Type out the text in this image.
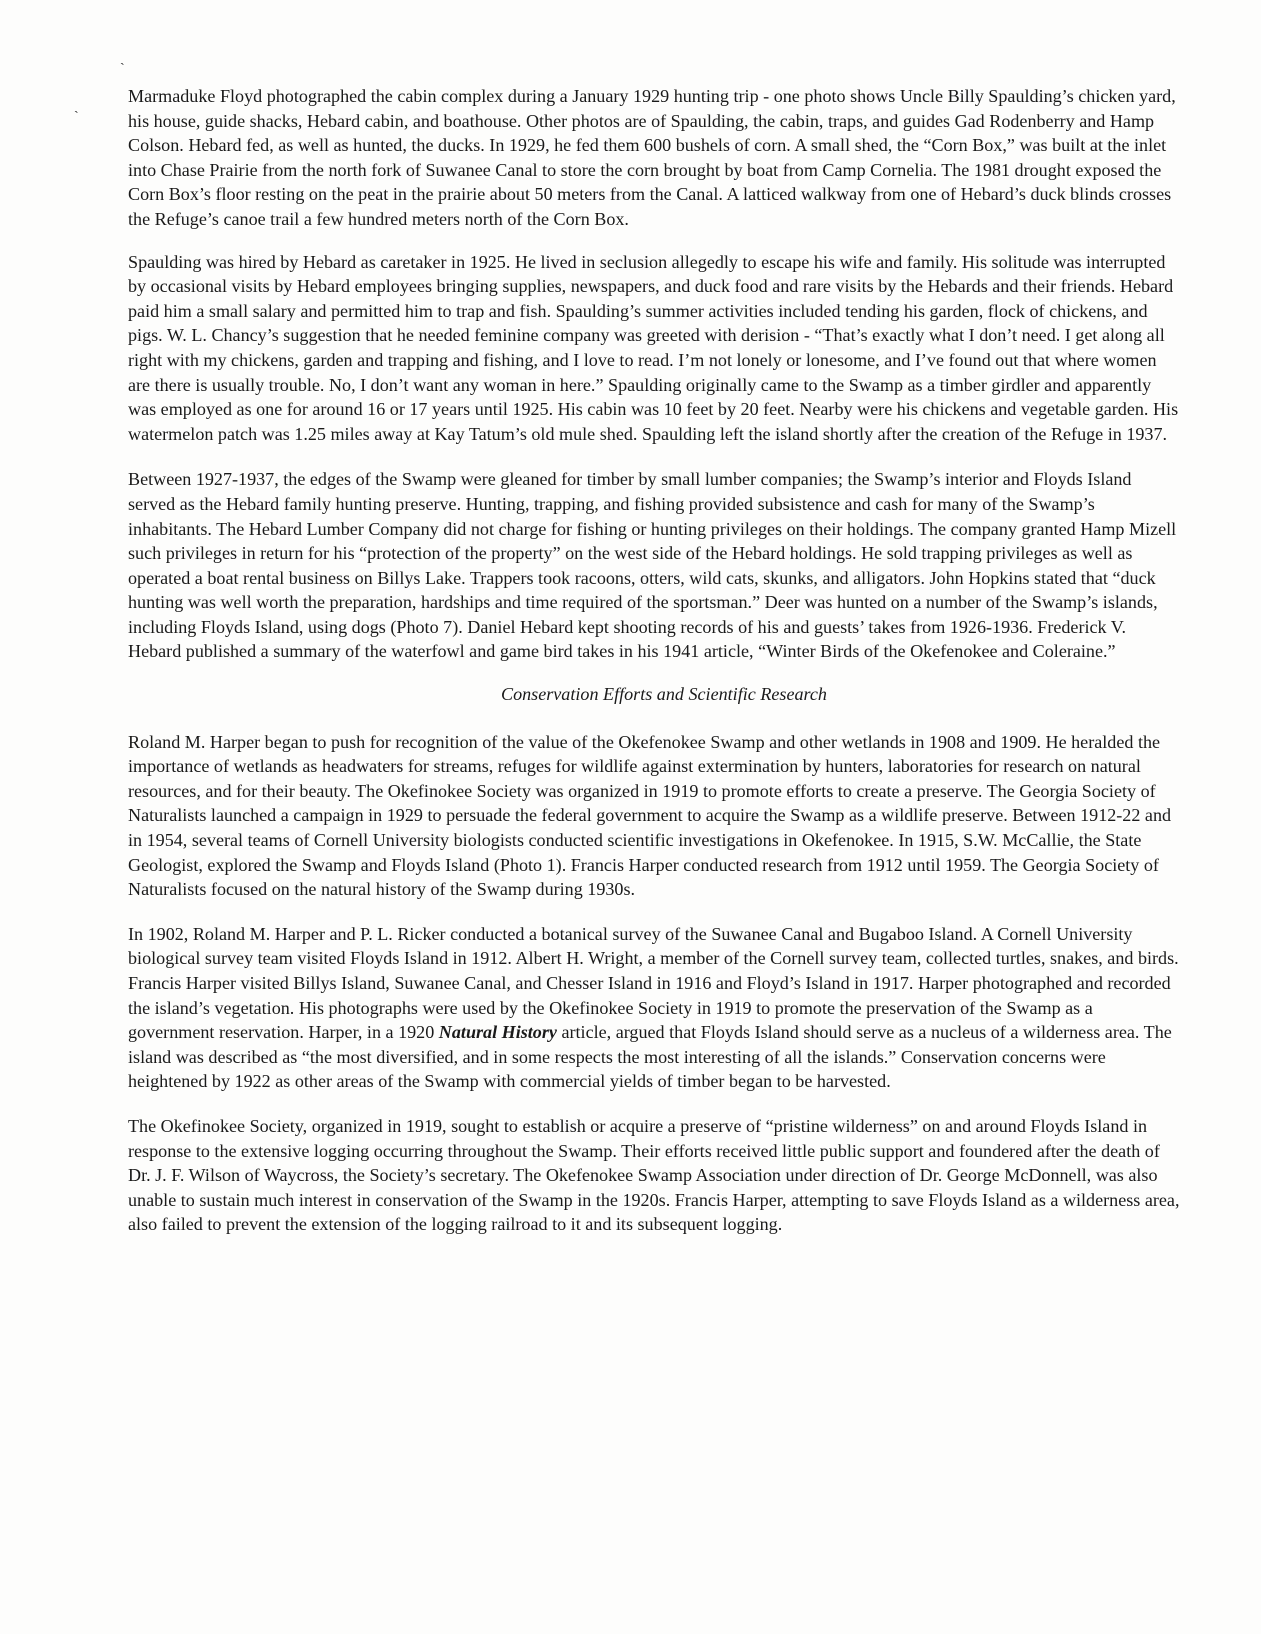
ˎ
ˎ

Marmaduke Floyd photographed the cabin complex during a January 1929 hunting trip - one photo shows Uncle Billy Spaulding’s chicken yard, his house, guide shacks, Hebard cabin, and boathouse. Other photos are of Spaulding, the cabin, traps, and guides Gad Rodenberry and Hamp Colson. Hebard fed, as well as hunted, the ducks. In 1929, he fed them 600 bushels of corn. A small shed, the “Corn Box,” was built at the inlet into Chase Prairie from the north fork of Suwanee Canal to store the corn brought by boat from Camp Cornelia. The 1981 drought exposed the Corn Box’s floor resting on the peat in the prairie about 50 meters from the Canal. A latticed walkway from one of Hebard’s duck blinds crosses the Refuge’s canoe trail a few hundred meters north of the Corn Box.

Spaulding was hired by Hebard as caretaker in 1925. He lived in seclusion allegedly to escape his wife and family. His solitude was interrupted by occasional visits by Hebard employees bringing supplies, newspapers, and duck food and rare visits by the Hebards and their friends. Hebard paid him a small salary and permitted him to trap and fish. Spaulding’s summer activities included tending his garden, flock of chickens, and pigs. W. L. Chancy’s suggestion that he needed feminine company was greeted with derision - “That’s exactly what I don’t need. I get along all right with my chickens, garden and trapping and fishing, and I love to read. I’m not lonely or lonesome, and I’ve found out that where women are there is usually trouble. No, I don’t want any woman in here.” Spaulding originally came to the Swamp as a timber girdler and apparently was employed as one for around 16 or 17 years until 1925. His cabin was 10 feet by 20 feet. Nearby were his chickens and vegetable garden. His watermelon patch was 1.25 miles away at Kay Tatum’s old mule shed. Spaulding left the island shortly after the creation of the Refuge in 1937.

Between 1927-1937, the edges of the Swamp were gleaned for timber by small lumber companies; the Swamp’s interior and Floyds Island served as the Hebard family hunting preserve. Hunting, trapping, and fishing provided subsistence and cash for many of the Swamp’s inhabitants. The Hebard Lumber Company did not charge for fishing or hunting privileges on their holdings. The company granted Hamp Mizell such privileges in return for his “protection of the property” on the west side of the Hebard holdings. He sold trapping privileges as well as operated a boat rental business on Billys Lake. Trappers took racoons, otters, wild cats, skunks, and alligators. John Hopkins stated that “duck hunting was well worth the preparation, hardships and time required of the sportsman.” Deer was hunted on a number of the Swamp’s islands, including Floyds Island, using dogs (Photo 7). Daniel Hebard kept shooting records of his and guests’ takes from 1926-1936. Frederick V. Hebard published a summary of the waterfowl and game bird takes in his 1941 article, “Winter Birds of the Okefenokee and Coleraine.”

Conservation Efforts and Scientific Research

Roland M. Harper began to push for recognition of the value of the Okefenokee Swamp and other wetlands in 1908 and 1909. He heralded the importance of wetlands as headwaters for streams, refuges for wildlife against extermination by hunters, laboratories for research on natural resources, and for their beauty. The Okefinokee Society was organized in 1919 to promote efforts to create a preserve. The Georgia Society of Naturalists launched a campaign in 1929 to persuade the federal government to acquire the Swamp as a wildlife preserve. Between 1912-22 and in 1954, several teams of Cornell University biologists conducted scientific investigations in Okefenokee. In 1915, S.W. McCallie, the State Geologist, explored the Swamp and Floyds Island (Photo 1). Francis Harper conducted research from 1912 until 1959. The Georgia Society of Naturalists focused on the natural history of the Swamp during 1930s.

In 1902, Roland M. Harper and P. L. Ricker conducted a botanical survey of the Suwanee Canal and Bugaboo Island. A Cornell University biological survey team visited Floyds Island in 1912. Albert H. Wright, a member of the Cornell survey team, collected turtles, snakes, and birds. Francis Harper visited Billys Island, Suwanee Canal, and Chesser Island in 1916 and Floyd’s Island in 1917. Harper photographed and recorded the island’s vegetation. His photographs were used by the Okefinokee Society in 1919 to promote the preservation of the Swamp as a government reservation. Harper, in a 1920 Natural History article, argued that Floyds Island should serve as a nucleus of a wilderness area. The island was described as “the most diversified, and in some respects the most interesting of all the islands.” Conservation concerns were heightened by 1922 as other areas of the Swamp with commercial yields of timber began to be harvested.

The Okefinokee Society, organized in 1919, sought to establish or acquire a preserve of “pristine wilderness” on and around Floyds Island in response to the extensive logging occurring throughout the Swamp. Their efforts received little public support and foundered after the death of Dr. J. F. Wilson of Waycross, the Society’s secretary. The Okefenokee Swamp Association under direction of Dr. George McDonnell, was also unable to sustain much interest in conservation of the Swamp in the 1920s. Francis Harper, attempting to save Floyds Island as a wilderness area, also failed to prevent the extension of the logging railroad to it and its subsequent logging.
